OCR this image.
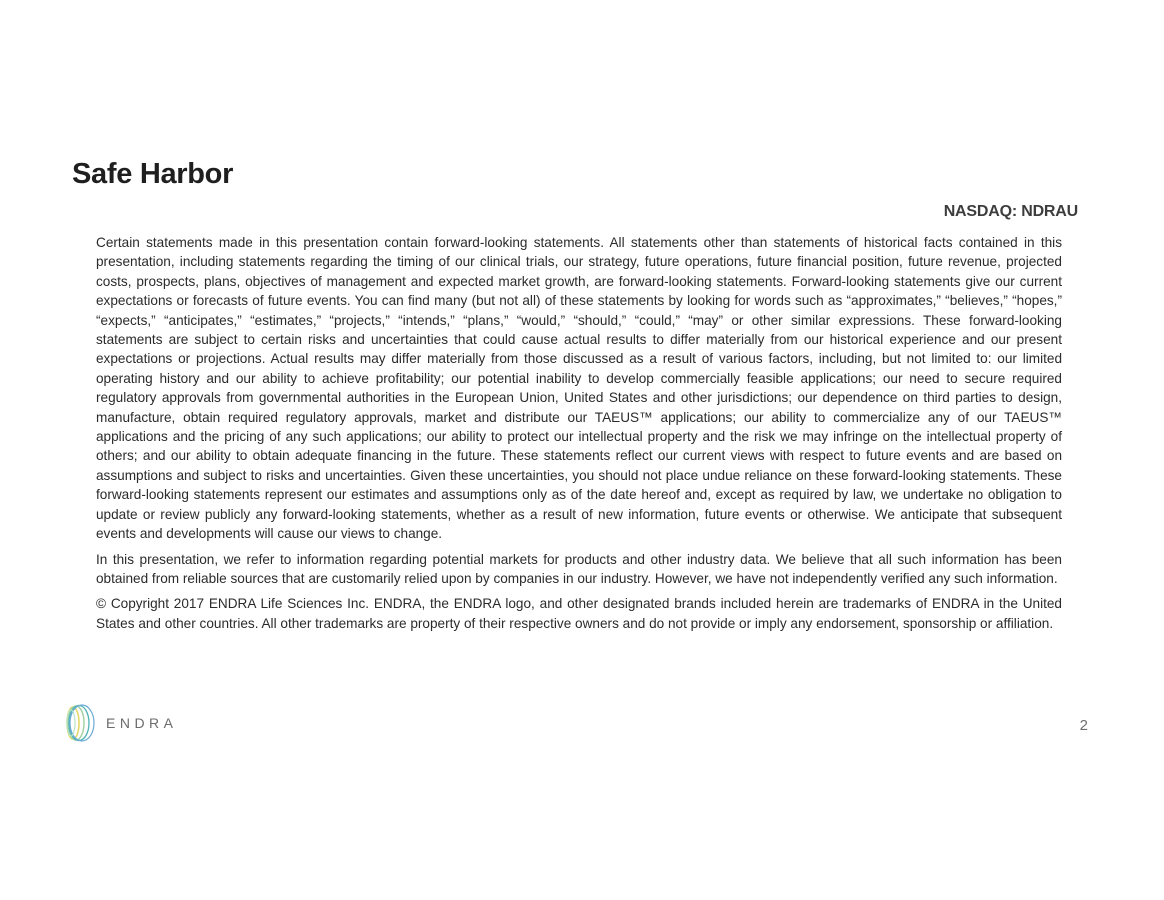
Safe Harbor
NASDAQ: NDRAU

Certain statements made in this presentation contain forward-looking statements. All statements other than statements of historical facts contained in this presentation, including statements regarding the timing of our clinical trials, our strategy, future operations, future financial position, future revenue, projected costs, prospects, plans, objectives of management and expected market growth, are forward-looking statements. Forward-looking statements give our current expectations or forecasts of future events. You can find many (but not all) of these statements by looking for words such as “approximates,” “believes,” “hopes,” “expects,” “anticipates,” “estimates,” “projects,” “intends,” “plans,” “would,” “should,” “could,” “may” or other similar expressions. These forward-looking statements are subject to certain risks and uncertainties that could cause actual results to differ materially from our historical experience and our present expectations or projections. Actual results may differ materially from those discussed as a result of various factors, including, but not limited to: our limited operating history and our ability to achieve profitability; our potential inability to develop commercially feasible applications; our need to secure required regulatory approvals from governmental authorities in the European Union, United States and other jurisdictions; our dependence on third parties to design, manufacture, obtain required regulatory approvals, market and distribute our TAEUS™ applications; our ability to commercialize any of our TAEUS™ applications and the pricing of any such applications; our ability to protect our intellectual property and the risk we may infringe on the intellectual property of others; and our ability to obtain adequate financing in the future. These statements reflect our current views with respect to future events and are based on assumptions and subject to risks and uncertainties. Given these uncertainties, you should not place undue reliance on these forward-looking statements. These forward-looking statements represent our estimates and assumptions only as of the date hereof and, except as required by law, we undertake no obligation to update or review publicly any forward-looking statements, whether as a result of new information, future events or otherwise. We anticipate that subsequent events and developments will cause our views to change.

In this presentation, we refer to information regarding potential markets for products and other industry data. We believe that all such information has been obtained from reliable sources that are customarily relied upon by companies in our industry. However, we have not independently verified any such information.

© Copyright 2017 ENDRA Life Sciences Inc. ENDRA, the ENDRA logo, and other designated brands included herein are trademarks of ENDRA in the United States and other countries. All other trademarks are property of their respective owners and do not provide or imply any endorsement, sponsorship or affiliation.

ENDRA	2
